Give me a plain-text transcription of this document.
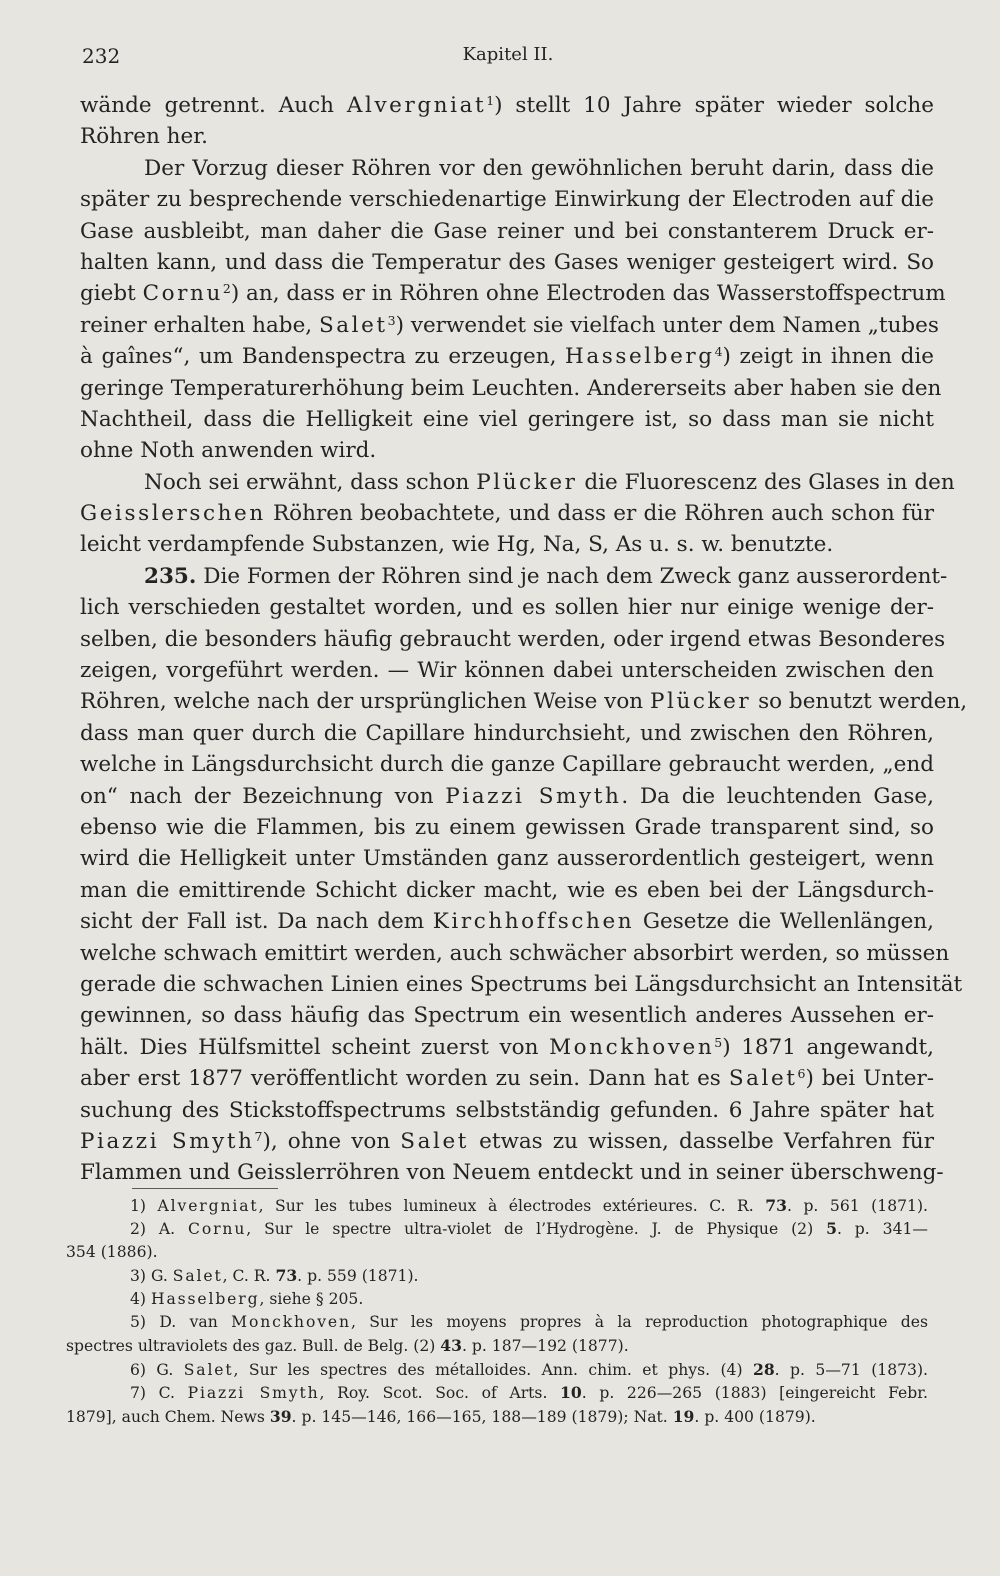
232	Kapitel II.
wände getrennt. Auch Alvergniat$^1$) stellt 10 Jahre später wieder solche
Röhren her.
Der Vorzug dieser Röhren vor den gewöhnlichen beruht darin, dass die
später zu besprechende verschiedenartige Einwirkung der Electroden auf die
Gase ausbleibt, man daher die Gase reiner und bei constanterem Druck er-
halten kann, und dass die Temperatur des Gases weniger gesteigert wird. So
giebt Cornu$^2$) an, dass er in Röhren ohne Electroden das Wasserstoffspectrum
reiner erhalten habe, Salet$^3$) verwendet sie vielfach unter dem Namen „tubes
à gaînes“, um Bandenspectra zu erzeugen, Hasselberg$^4$) zeigt in ihnen die
geringe Temperaturerhöhung beim Leuchten. Andererseits aber haben sie den
Nachtheil, dass die Helligkeit eine viel geringere ist, so dass man sie nicht
ohne Noth anwenden wird.
Noch sei erwähnt, dass schon Plücker die Fluorescenz des Glases in den
Geisslerschen Röhren beobachtete, und dass er die Röhren auch schon für
leicht verdampfende Substanzen, wie Hg, Na, S, As u. s. w. benutzte.
235. Die Formen der Röhren sind je nach dem Zweck ganz ausserordent-
lich verschieden gestaltet worden, und es sollen hier nur einige wenige der-
selben, die besonders häufig gebraucht werden, oder irgend etwas Besonderes
zeigen, vorgeführt werden. — Wir können dabei unterscheiden zwischen den
Röhren, welche nach der ursprünglichen Weise von Plücker so benutzt werden,
dass man quer durch die Capillare hindurchsieht, und zwischen den Röhren,
welche in Längsdurchsicht durch die ganze Capillare gebraucht werden, „end
on“ nach der Bezeichnung von Piazzi Smyth. Da die leuchtenden Gase,
ebenso wie die Flammen, bis zu einem gewissen Grade transparent sind, so
wird die Helligkeit unter Umständen ganz ausserordentlich gesteigert, wenn
man die emittirende Schicht dicker macht, wie es eben bei der Längsdurch-
sicht der Fall ist. Da nach dem Kirchhoffschen Gesetze die Wellenlängen,
welche schwach emittirt werden, auch schwächer absorbirt werden, so müssen
gerade die schwachen Linien eines Spectrums bei Längsdurchsicht an Intensität
gewinnen, so dass häufig das Spectrum ein wesentlich anderes Aussehen er-
hält. Dies Hülfsmittel scheint zuerst von Monckhoven$^5$) 1871 angewandt,
aber erst 1877 veröffentlicht worden zu sein. Dann hat es Salet$^6$) bei Unter-
suchung des Stickstoffspectrums selbstständig gefunden. 6 Jahre später hat
Piazzi Smyth$^7$), ohne von Salet etwas zu wissen, dasselbe Verfahren für
Flammen und Geisslerröhren von Neuem entdeckt und in seiner überschweng-
1) Alvergniat, Sur les tubes lumineux à électrodes extérieures. C. R. 73. p. 561 (1871).
2) A. Cornu, Sur le spectre ultra-violet de l’Hydrogène. J. de Physique (2) 5. p. 341—
354 (1886).
3) G. Salet, C. R. 73. p. 559 (1871).
4) Hasselberg, siehe § 205.
5) D. van Monckhoven, Sur les moyens propres à la reproduction photographique des
spectres ultraviolets des gaz. Bull. de Belg. (2) 43. p. 187—192 (1877).
6) G. Salet, Sur les spectres des métalloides. Ann. chim. et phys. (4) 28. p. 5—71 (1873).
7) C. Piazzi Smyth, Roy. Scot. Soc. of Arts. 10. p. 226—265 (1883) [eingereicht Febr.
1879], auch Chem. News 39. p. 145—146, 166—165, 188—189 (1879); Nat. 19. p. 400 (1879).
